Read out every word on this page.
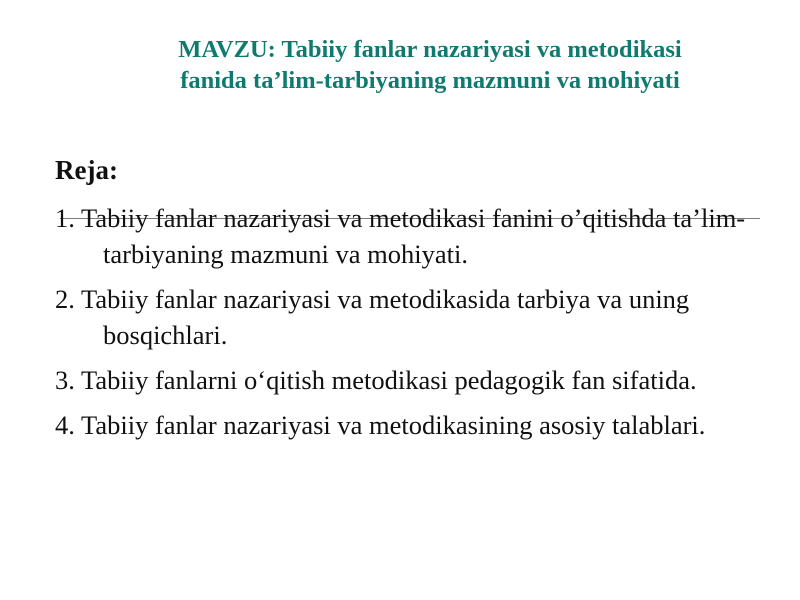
MAVZU: Tabiiy fanlar nazariyasi va metodikasi fanida ta’lim-tarbiyaning mazmuni va mohiyati
Reja:
1. Tabiiy fanlar nazariyasi va metodikasi fanini o’qitishda ta’lim-tarbiyaning mazmuni va mohiyati.
2. Tabiiy fanlar nazariyasi va metodikasida tarbiya va uning bosqichlari.
3. Tabiiy fanlarni oʻqitish metodikasi pedagogik fan sifatida.
4. Tabiiy fanlar nazariyasi va metodikasining asosiy talablari.
